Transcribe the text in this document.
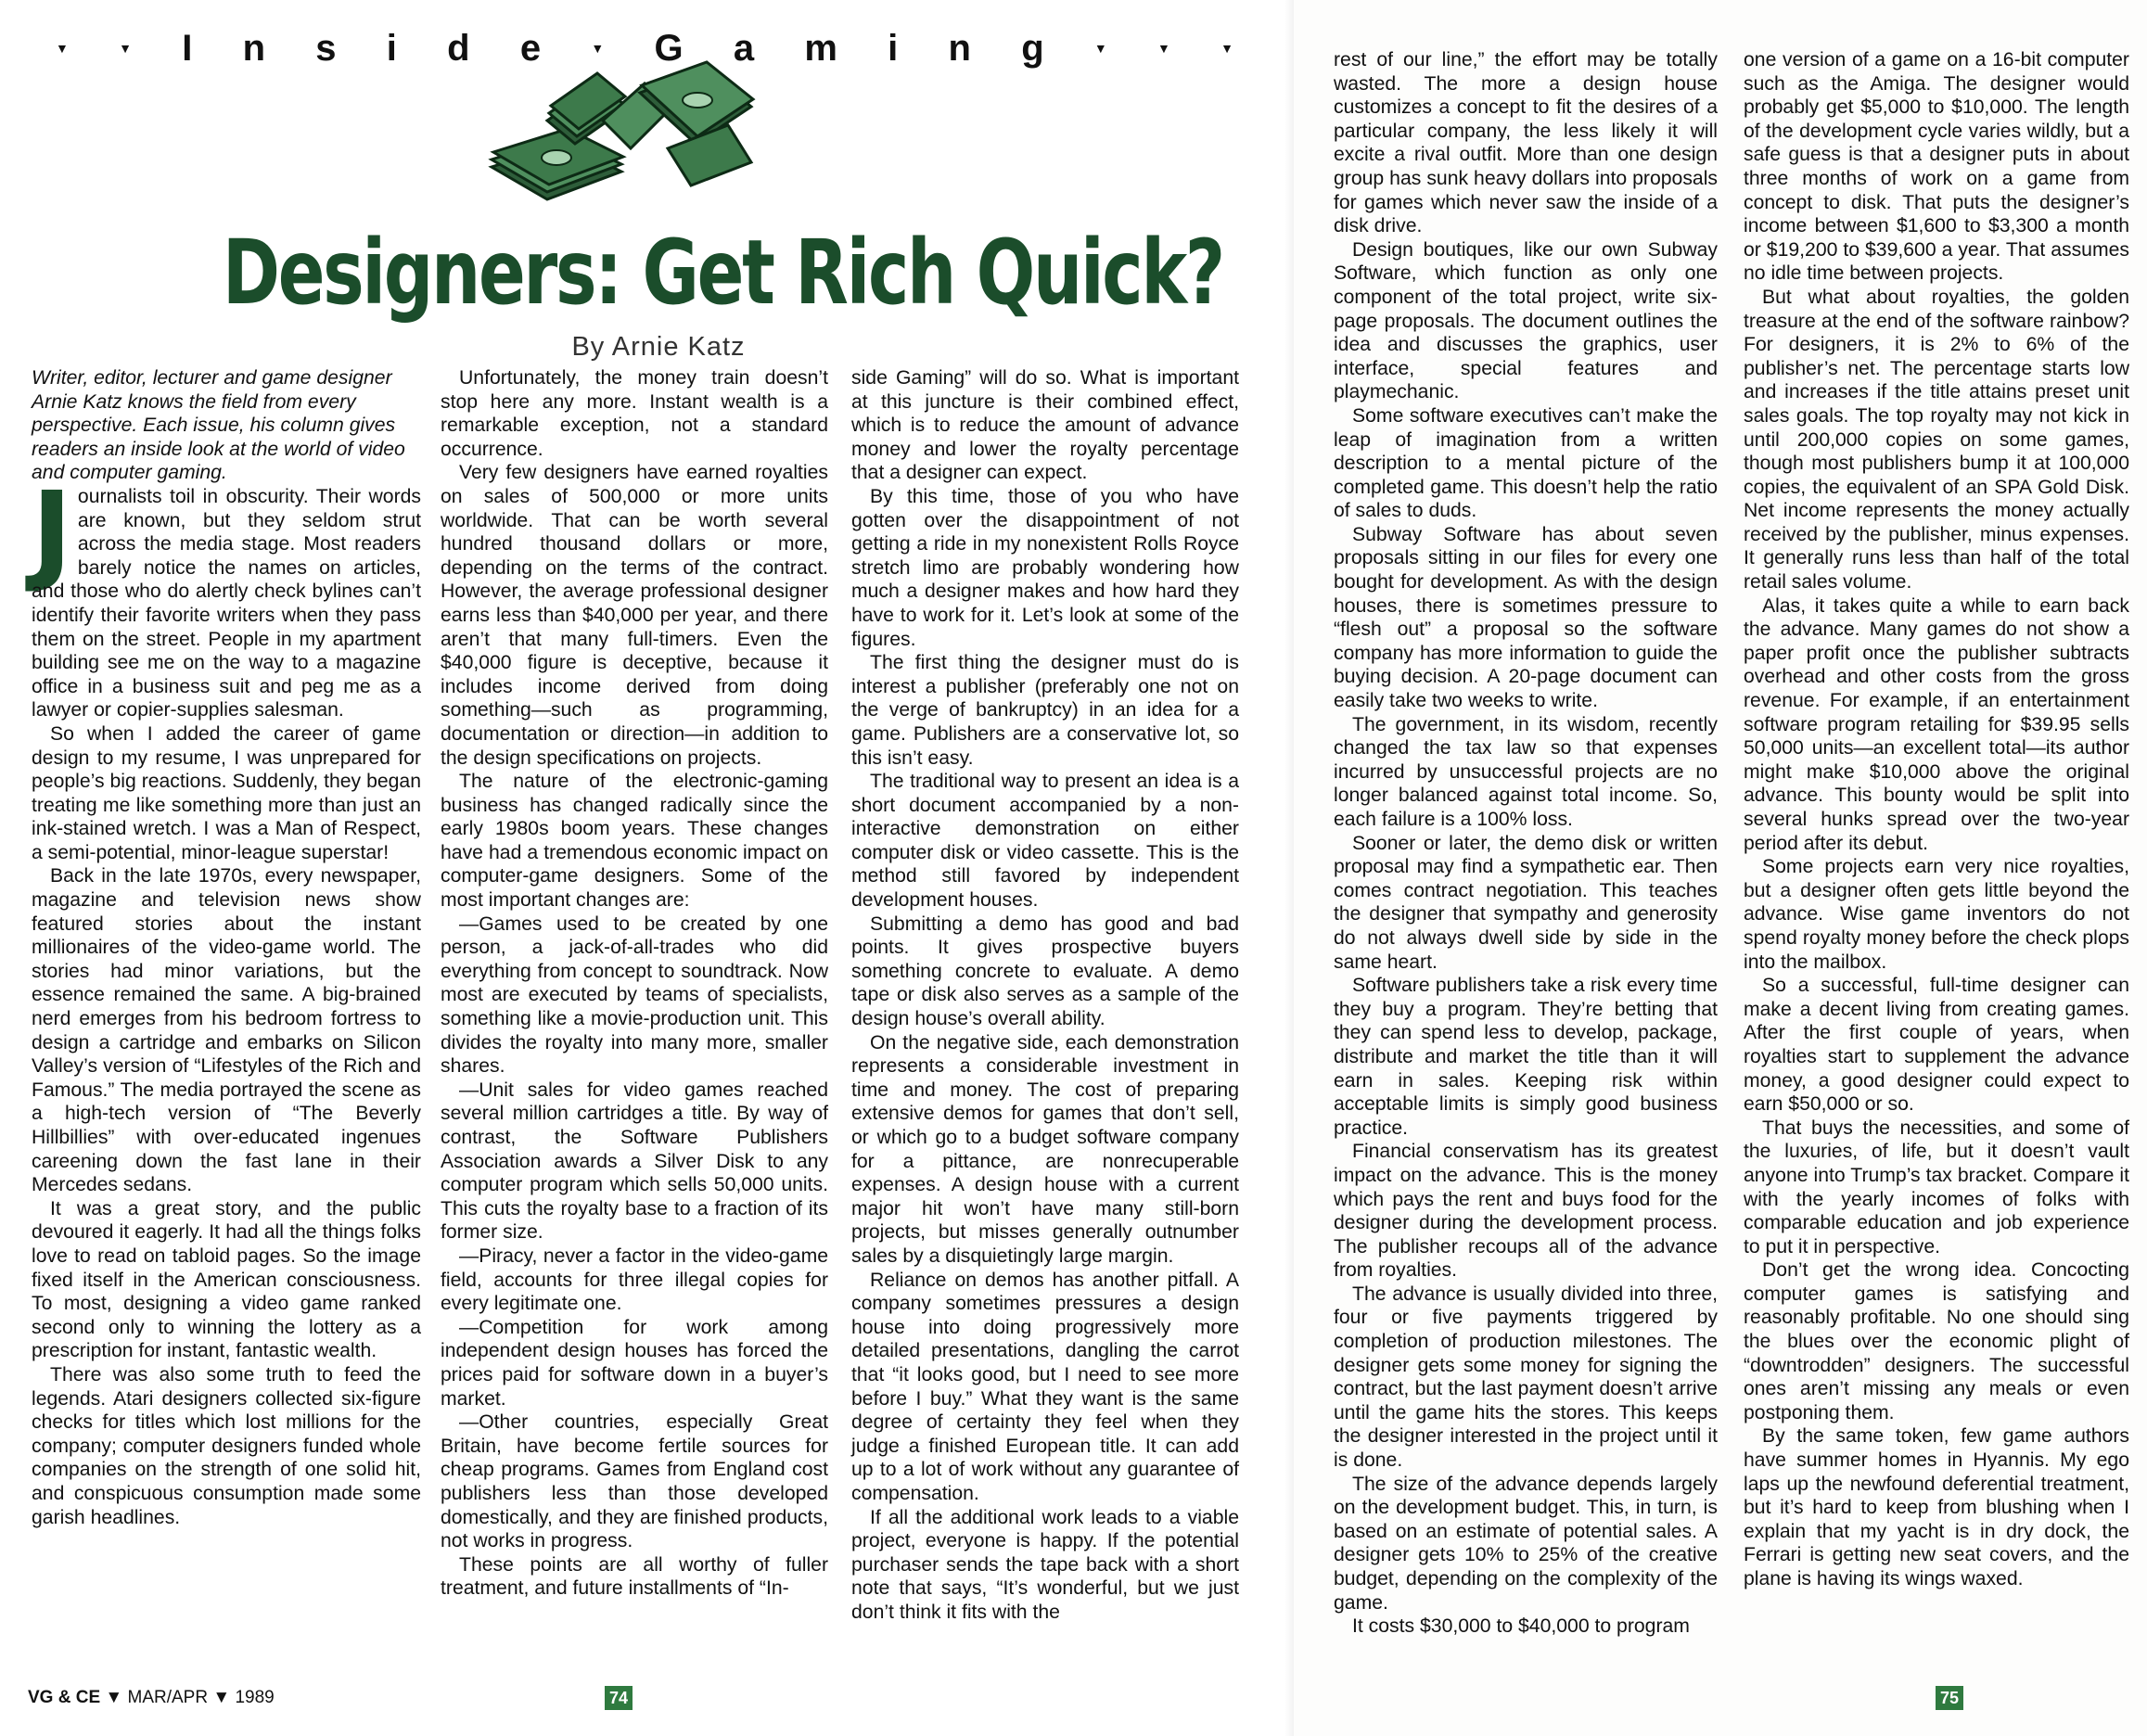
▼	▼ I n s i d e	▼ G a m i n g	▼	▼	▼
Designers: Get Rich Quick?
By Arnie Katz

Writer, editor, lecturer and game designer Arnie Katz knows the field from every perspective. Each issue, his column gives readers an inside look at the world of video and computer gaming.

J ournalists toil in obscurity. Their words are known, but they seldom strut across the media stage. Most readers barely notice the names on articles, and those who do alertly check bylines can’t identify their favorite writers when they pass them on the street. People in my apartment building see me on the way to a magazine office in a business suit and peg me as a lawyer or copier-supplies salesman.

So when I added the career of game design to my resume, I was unprepared for people’s big reactions. Suddenly, they began treating me like something more than just an ink-stained wretch. I was a Man of Respect, a semi-potential, minor-league superstar!

Back in the late 1970s, every newspaper, magazine and television news show featured stories about the instant millionaires of the video-game world. The stories had minor variations, but the essence remained the same. A big-brained nerd emerges from his bedroom fortress to design a cartridge and embarks on Silicon Valley’s version of “Lifestyles of the Rich and Famous.” The media portrayed the scene as a high-tech version of “The Beverly Hillbillies” with over-educated ingenues careening down the fast lane in their Mercedes sedans.

It was a great story, and the public devoured it eagerly. It had all the things folks love to read on tabloid pages. So the image fixed itself in the American consciousness. To most, designing a video game ranked second only to winning the lottery as a prescription for instant, fantastic wealth.

There was also some truth to feed the legends. Atari designers collected six-figure checks for titles which lost millions for the company; computer designers funded whole companies on the strength of one solid hit, and conspicuous consumption made some garish headlines.

Unfortunately, the money train doesn’t stop here any more. Instant wealth is a remarkable exception, not a standard occurrence.

Very few designers have earned royalties on sales of 500,000 or more units worldwide. That can be worth several hundred thousand dollars or more, depending on the terms of the contract. However, the average professional designer earns less than $40,000 per year, and there aren’t that many full-timers. Even the $40,000 figure is deceptive, because it includes income derived from doing something—such as programming, documentation or direction—in addition to the design specifications on projects.

The nature of the electronic-gaming business has changed radically since the early 1980s boom years. These changes have had a tremendous economic impact on computer-game designers. Some of the most important changes are:

—Games used to be created by one person, a jack-of-all-trades who did everything from concept to soundtrack. Now most are executed by teams of specialists, something like a movie-production unit. This divides the royalty into many more, smaller shares.

—Unit sales for video games reached several million cartridges a title. By way of contrast, the Software Publishers Association awards a Silver Disk to any computer program which sells 50,000 units. This cuts the royalty base to a fraction of its former size.

—Piracy, never a factor in the video-game field, accounts for three illegal copies for every legitimate one.

—Competition for work among independent design houses has forced the prices paid for software down in a buyer’s market.

—Other countries, especially Great Britain, have become fertile sources for cheap programs. Games from England cost publishers less than those developed domestically, and they are finished products, not works in progress.

These points are all worthy of fuller treatment, and future installments of “In-

side Gaming” will do so. What is important at this juncture is their combined effect, which is to reduce the amount of advance money and lower the royalty percentage that a designer can expect.

By this time, those of you who have gotten over the disappointment of not getting a ride in my nonexistent Rolls Royce stretch limo are probably wondering how much a designer makes and how hard they have to work for it. Let’s look at some of the figures.

The first thing the designer must do is interest a publisher (preferably one not on the verge of bankruptcy) in an idea for a game. Publishers are a conservative lot, so this isn’t easy.

The traditional way to present an idea is a short document accompanied by a non-interactive demonstration on either computer disk or video cassette. This is the method still favored by independent development houses.

Submitting a demo has good and bad points. It gives prospective buyers something concrete to evaluate. A demo tape or disk also serves as a sample of the design house’s overall ability.

On the negative side, each demonstration represents a considerable investment in time and money. The cost of preparing extensive demos for games that don’t sell, or which go to a budget software company for a pittance, are nonrecuperable expenses. A design house with a current major hit won’t have many still-born projects, but misses generally outnumber sales by a disquietingly large margin.

Reliance on demos has another pitfall. A company sometimes pressures a design house into doing progressively more detailed presentations, dangling the carrot that “it looks good, but I need to see more before I buy.” What they want is the same degree of certainty they feel when they judge a finished European title. It can add up to a lot of work without any guarantee of compensation.

If all the additional work leads to a viable project, everyone is happy. If the potential purchaser sends the tape back with a short note that says, “It’s wonderful, but we just don’t think it fits with the

VG & CE ▼ MAR/APR ▼ 1989	74

rest of our line,” the effort may be totally wasted. The more a design house customizes a concept to fit the desires of a particular company, the less likely it will excite a rival outfit. More than one design group has sunk heavy dollars into proposals for games which never saw the inside of a disk drive.

Design boutiques, like our own Subway Software, which function as only one component of the total project, write six-page proposals. The document outlines the idea and discusses the graphics, user interface, special features and playmechanic.

Some software executives can’t make the leap of imagination from a written description to a mental picture of the completed game. This doesn’t help the ratio of sales to duds.

Subway Software has about seven proposals sitting in our files for every one bought for development. As with the design houses, there is sometimes pressure to “flesh out” a proposal so the software company has more information to guide the buying decision. A 20-page document can easily take two weeks to write.

The government, in its wisdom, recently changed the tax law so that expenses incurred by unsuccessful projects are no longer balanced against total income. So, each failure is a 100% loss.

Sooner or later, the demo disk or written proposal may find a sympathetic ear. Then comes contract negotiation. This teaches the designer that sympathy and generosity do not always dwell side by side in the same heart.

Software publishers take a risk every time they buy a program. They’re betting that they can spend less to develop, package, distribute and market the title than it will earn in sales. Keeping risk within acceptable limits is simply good business practice.

Financial conservatism has its greatest impact on the advance. This is the money which pays the rent and buys food for the designer during the development process. The publisher recoups all of the advance from royalties.

The advance is usually divided into three, four or five payments triggered by completion of production milestones. The designer gets some money for signing the contract, but the last payment doesn’t arrive until the game hits the stores. This keeps the designer interested in the project until it is done.

The size of the advance depends largely on the development budget. This, in turn, is based on an estimate of potential sales. A designer gets 10% to 25% of the creative budget, depending on the complexity of the game.

It costs $30,000 to $40,000 to program

one version of a game on a 16-bit computer such as the Amiga. The designer would probably get $5,000 to $10,000. The length of the development cycle varies wildly, but a safe guess is that a designer puts in about three months of work on a game from concept to disk. That puts the designer’s income between $1,600 to $3,300 a month or $19,200 to $39,600 a year. That assumes no idle time between projects.

But what about royalties, the golden treasure at the end of the software rainbow? For designers, it is 2% to 6% of the publisher’s net. The percentage starts low and increases if the title attains preset unit sales goals. The top royalty may not kick in until 200,000 copies on some games, though most publishers bump it at 100,000 copies, the equivalent of an SPA Gold Disk. Net income represents the money actually received by the publisher, minus expenses. It generally runs less than half of the total retail sales volume.

Alas, it takes quite a while to earn back the advance. Many games do not show a paper profit once the publisher subtracts overhead and other costs from the gross revenue. For example, if an entertainment software program retailing for $39.95 sells 50,000 units—an excellent total—its author might make $10,000 above the original advance. This bounty would be split into several hunks spread over the two-year period after its debut.

Some projects earn very nice royalties, but a designer often gets little beyond the advance. Wise game inventors do not spend royalty money before the check plops into the mailbox.

So a successful, full-time designer can make a decent living from creating games. After the first couple of years, when royalties start to supplement the advance money, a good designer could expect to earn $50,000 or so.

That buys the necessities, and some of the luxuries, of life, but it doesn’t vault anyone into Trump’s tax bracket. Compare it with the yearly incomes of folks with comparable education and job experience to put it in perspective.

Don’t get the wrong idea. Concocting computer games is satisfying and reasonably profitable. No one should sing the blues over the economic plight of “downtrodden” designers. The successful ones aren’t missing any meals or even postponing them.

By the same token, few game authors have summer homes in Hyannis. My ego laps up the newfound deferential treatment, but it’s hard to keep from blushing when I explain that my yacht is in dry dock, the Ferrari is getting new seat covers, and the plane is having its wings waxed.

75
